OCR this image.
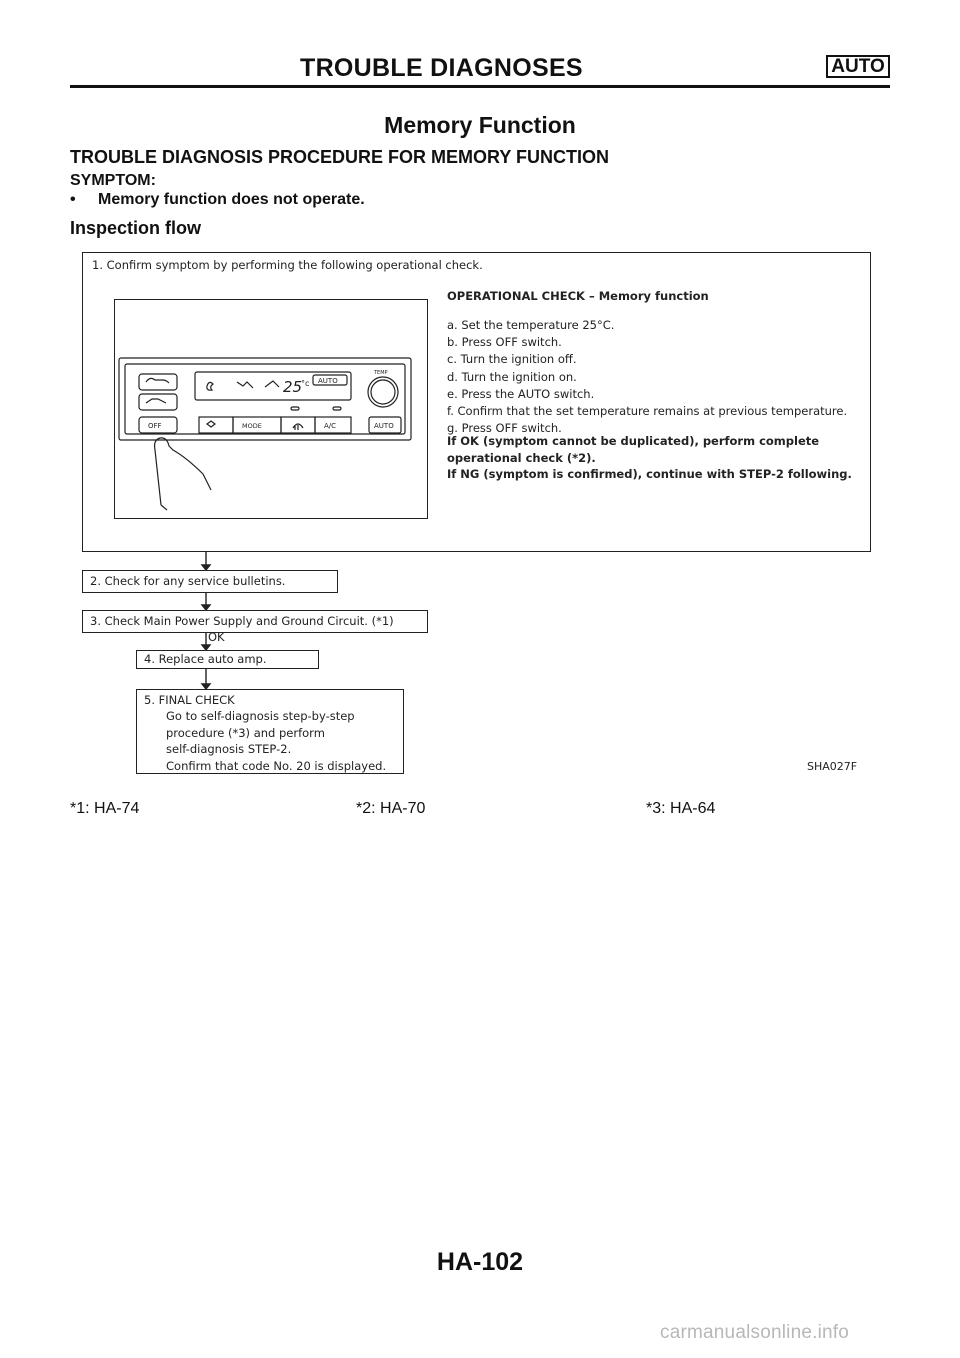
TROUBLE DIAGNOSES	AUTO
Memory Function
TROUBLE DIAGNOSIS PROCEDURE FOR MEMORY FUNCTION
SYMPTOM:
• Memory function does not operate.
Inspection flow
1. Confirm symptom by performing the following operational check.
25
°c AUTO
TEMP
OFF	MODE	A/C	AUTO
OPERATIONAL CHECK – Memory function
a. Set the temperature 25°C.
b. Press OFF switch.
c. Turn the ignition off.
d. Turn the ignition on.
e. Press the AUTO switch.
f. Confirm that the set temperature remains at previous temperature.
g. Press OFF switch.
If OK (symptom cannot be duplicated), perform complete
operational check (*2).
If NG (symptom is confirmed), continue with STEP-2 following.
2. Check for any service bulletins.
3. Check Main Power Supply and Ground Circuit. (*1)
OK
4. Replace auto amp.
5. FINAL CHECK
Go to self-diagnosis step-by-step
procedure (*3) and perform
self-diagnosis STEP-2.
Confirm that code No. 20 is displayed.	SHA027F
*1: HA-74	*2: HA-70	*3: HA-64
HA-102
carmanualsonline.info
